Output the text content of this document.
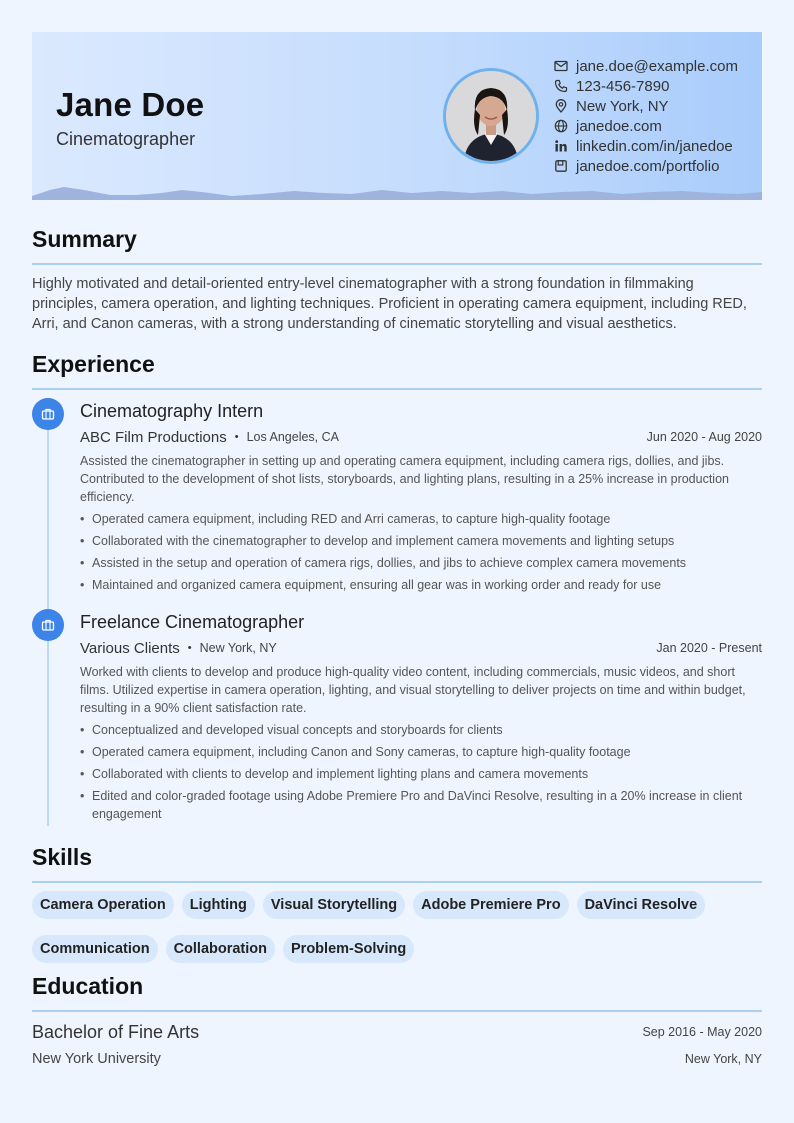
Jane Doe
Cinematographer
jane.doe@example.com
123-456-7890
New York, NY
janedoe.com
linkedin.com/in/janedoe
janedoe.com/portfolio
Summary
Highly motivated and detail-oriented entry-level cinematographer with a strong foundation in filmmaking principles, camera operation, and lighting techniques. Proficient in operating camera equipment, including RED, Arri, and Canon cameras, with a strong understanding of cinematic storytelling and visual aesthetics.
Experience
Cinematography Intern
ABC Film Productions • Los Angeles, CA	Jun 2020 - Aug 2020
Assisted the cinematographer in setting up and operating camera equipment, including camera rigs, dollies, and jibs. Contributed to the development of shot lists, storyboards, and lighting plans, resulting in a 25% increase in production efficiency.
• Operated camera equipment, including RED and Arri cameras, to capture high-quality footage
• Collaborated with the cinematographer to develop and implement camera movements and lighting setups
• Assisted in the setup and operation of camera rigs, dollies, and jibs to achieve complex camera movements
• Maintained and organized camera equipment, ensuring all gear was in working order and ready for use
Freelance Cinematographer
Various Clients • New York, NY	Jan 2020 - Present
Worked with clients to develop and produce high-quality video content, including commercials, music videos, and short films. Utilized expertise in camera operation, lighting, and visual storytelling to deliver projects on time and within budget, resulting in a 90% client satisfaction rate.
• Conceptualized and developed visual concepts and storyboards for clients
• Operated camera equipment, including Canon and Sony cameras, to capture high-quality footage
• Collaborated with clients to develop and implement lighting plans and camera movements
• Edited and color-graded footage using Adobe Premiere Pro and DaVinci Resolve, resulting in a 20% increase in client engagement
Skills
Camera Operation	Lighting	Visual Storytelling	Adobe Premiere Pro	DaVinci Resolve
Communication	Collaboration	Problem-Solving
Education
Bachelor of Fine Arts	Sep 2016 - May 2020
New York University	New York, NY
